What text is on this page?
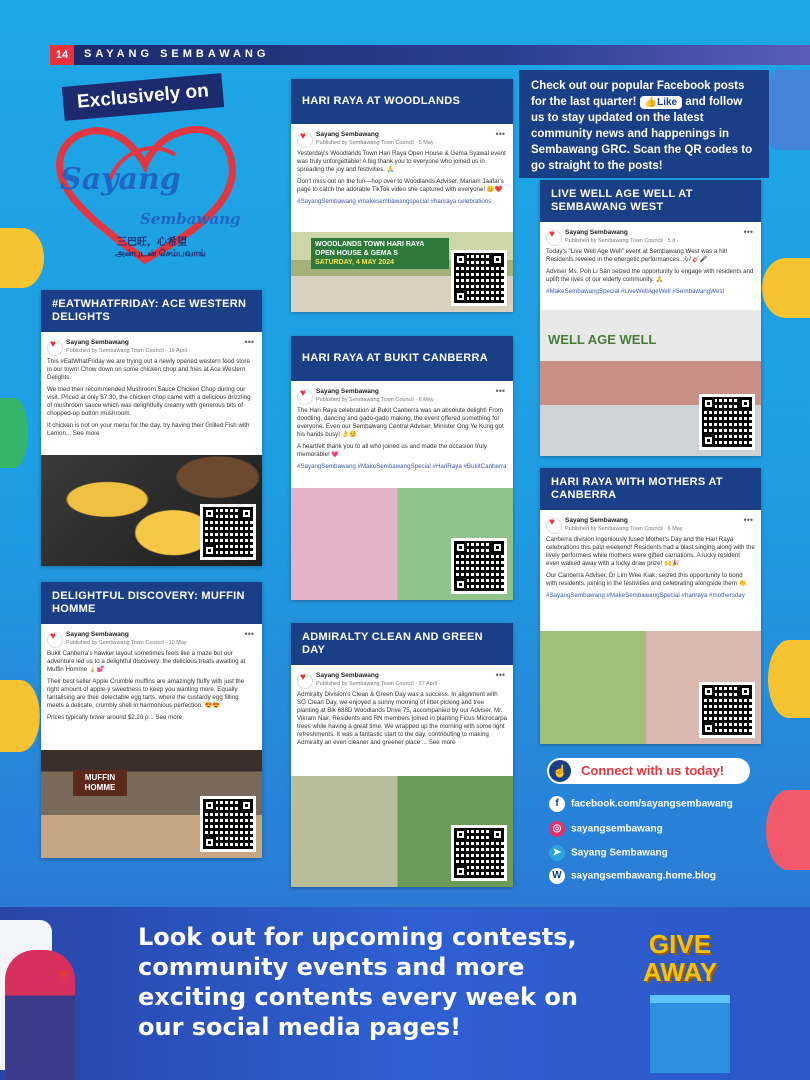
14	SAYANG SEMBAWANG
Exclusively on
Sayang
Sembawang
三巴旺，心希望
அன்புடன் செம்பவாங்
Check out our popular Facebook posts for the last quarter! 👍Like and follow us to stay updated on the latest community news and happenings in Sembawang GRC. Scan the QR codes to go straight to the posts!
#EATWHATFRIDAY: ACE WESTERN DELIGHTS
♥
Sayang Sembawang
Published by Sembawang Town Council · 19 April ·
•••

This #EatWhatFriday we are trying out a newly opened western food store in our town! Chow down on some chicken chop and fries at Ace Western Delights.

We tried their recommended Mushroom Sauce Chicken Chop during our visit. Priced at only $7.30, the chicken chop came with a delicious drizzling of mushroom sauce which was delightfully creamy with generous bits of chopped-up button mushroom.

If chicken is not on your menu for the day, try having their Grilled Fish with Lemon... See more

DELIGHTFUL DISCOVERY: MUFFIN HOMME
♥
Sayang Sembawang
Published by Sembawang Town Council · 10 May ·
•••

Bukit Canberra's hawker layout sometimes feels like a maze but our adventure led us to a delightful discovery: the delicious treats awaiting at Muffin Homme 🍦💕

Their best seller Apple Crumble muffins are amazingly fluffy with just the right amount of apple-y sweetness to keep you wanting more. Equally tantalising are their delectable egg tarts, where the custardy egg filling meets a delicate, crumbly shell in harmonious perfection. 😍😍

Prices typically hover around $2.20 p... See more

MUFFIN HOMME
HARI RAYA AT WOODLANDS
♥
Sayang Sembawang
Published by Sembawang Town Council · 5 May ·
•••

Yesterday's Woodlands Town Hari Raya Open House & Gema Syawal event was truly unforgettable! A big thank you to everyone who joined us in spreading the joy and festivities. 🙏

Don't miss out on the fun—hop over to Woodlands Adviser, Mariam Jaafar's page to catch the adorable TikTok video she captured with everyone! 😊❤️

#SayangSembawang #makesembawangspecial #hariraya celebrations

WOODLANDS TOWN HARI RAYA OPEN HOUSE & GEMA S
SATURDAY, 4 MAY 2024
HARI RAYA AT BUKIT CANBERRA
♥
Sayang Sembawang
Published by Sembawang Town Council · 6 May ·
•••

The Hari Raya celebration at Bukit Canberra was an absolute delight! From doodling, dancing and gado-gado making, the event offered something for everyone. Even our Sembawang Central Adviser, Minister Ong Ye Kung got his hands busy! 👌😊

A heartfelt thank you to all who joined us and made the occasion truly memorable! 💗

#SayangSembawang #MakeSembawangSpecial #HariRaya #BukitCanberra

ADMIRALTY CLEAN AND GREEN DAY
♥
Sayang Sembawang
Published by Sembawang Town Council · 27 April ·
•••

Admiralty Division's Clean & Green Day was a success. In alignment with SG Clean Day, we enjoyed a sunny morning of litter picking and tree planting at Blk 688D Woodlands Drive 75, accompanied by our Adviser, Mr. Vikram Nair, Residents and RN members joined in planting Ficus Microcarpa trees while having a great time. We wrapped up the morning with some light refreshments. It was a fantastic start to the day, contributing to making Admiralty an even cleaner and greener place ... See more

LIVE WELL AGE WELL AT SEMBAWANG WEST
♥
Sayang Sembawang
Published by Sembawang Town Council · 5 d ·
•••

Today's "Live Well Age Well" event at Sembawang West was a hit! Residents reveled in the energetic performances...🎶🎸🎤

Adviser Ms. Poh Li San seized the opportunity to engage with residents and uplift the lives of our elderly community. 🙏

#MakeSembawangSpecial #LiveWellAgeWell #SembawangWest

WELL AGE WELL
HARI RAYA WITH MOTHERS AT CANBERRA
♥
Sayang Sembawang
Published by Sembawang Town Council · 6 May ·
•••

Canberra division ingeniously fused Mother's Day and the Hari Raya celebrations this past weekend! Residents had a blast singing along with the lively performers while mothers were gifted carnations. A lucky resident even walked away with a lucky draw prize! 🙌🎉

Our Canberra Adviser, Dr Lim Wee Kiak, seized this opportunity to bond with residents, joining in the festivities and celebrating alongside them 👏

#SayangSembawang #MakeSembawangSpecial #hariraya #mothersday

Connect with us today!
☝
f facebook.com/sayangsembawang
◎ sayangsembawang
➤ Sayang Sembawang
W sayangsembawang.home.blog
♥
Look out for upcoming contests, community events and more exciting contents every week on our social media pages!
GIVE AWAY
